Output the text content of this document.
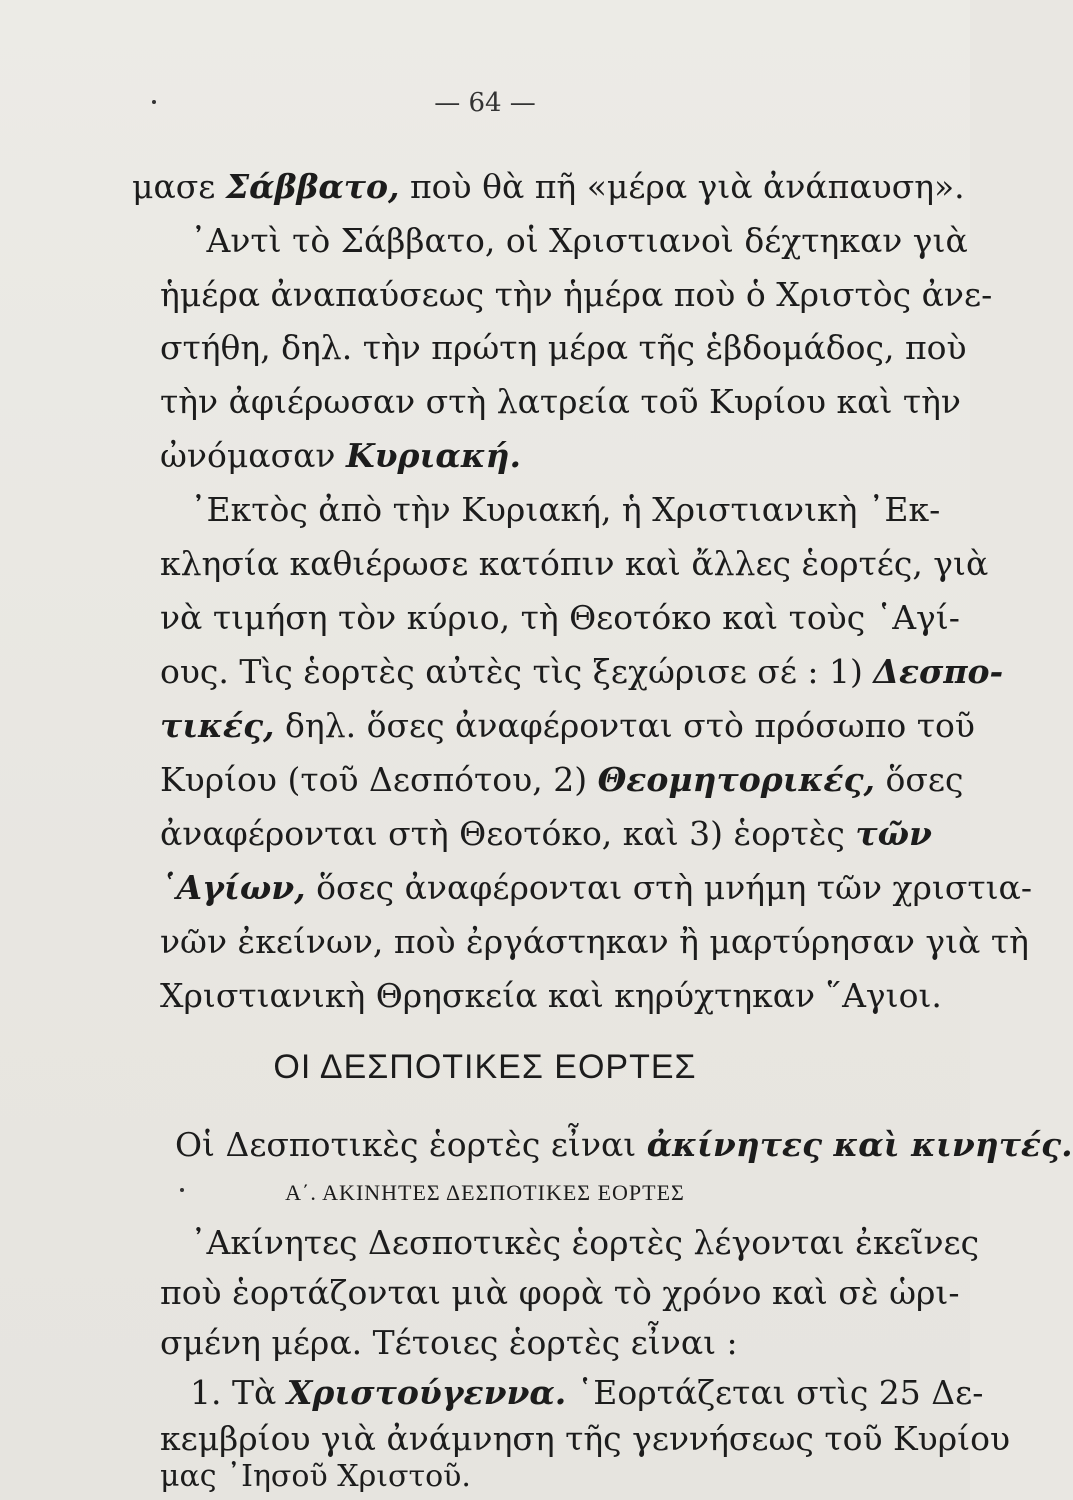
— 64 —
μασε Σάββατο, ποὺ θὰ πῆ «μέρα γιὰ ἀνάπαυση».
᾿Αντὶ τὸ Σάββατο, οἱ Χριστιανοὶ δέχτηκαν γιὰ
ἡμέρα ἀναπαύσεως τὴν ἡμέρα ποὺ ὁ Χριστὸς ἀνε-
στήθη, δηλ. τὴν πρώτη μέρα τῆς ἑβδομάδος, ποὺ
τὴν ἀφιέρωσαν στὴ λατρεία τοῦ Κυρίου καὶ τὴν
ὠνόμασαν Κυριακή.
᾿Εκτὸς ἀπὸ τὴν Κυριακή, ἡ Χριστιανικὴ ᾿Εκ-
κλησία καθιέρωσε κατόπιν καὶ ἄλλες ἑορτές, γιὰ
νὰ τιμήση τὸν κύριο, τὴ Θεοτόκο καὶ τοὺς ῾Αγί-
ους. Τὶς ἑορτὲς αὐτὲς τὶς ξεχώρισε σέ : 1) Δεσπο-
τικές, δηλ. ὅσες ἀναφέρονται στὸ πρόσωπο τοῦ
Κυρίου (τοῦ Δεσπότου, 2) Θεομητορικές, ὅσες
ἀναφέρονται στὴ Θεοτόκο, καὶ 3) ἑορτὲς τῶν
῾Αγίων, ὅσες ἀναφέρονται στὴ μνήμη τῶν χριστια-
νῶν ἐκείνων, ποὺ ἐργάστηκαν ἢ μαρτύρησαν γιὰ τὴ
Χριστιανικὴ Θρησκεία καὶ κηρύχτηκαν ῞Αγιοι.
ΟΙ ΔΕΣΠΟΤΙΚΕΣ ΕΟΡΤΕΣ
Οἱ Δεσποτικὲς ἑορτὲς εἶναι ἀκίνητες καὶ κινητές.
Α΄. ΑΚΙΝΗΤΕΣ ΔΕΣΠΟΤΙΚΕΣ ΕΟΡΤΕΣ
᾿Ακίνητες Δεσποτικὲς ἑορτὲς λέγονται ἐκεῖνες
ποὺ ἑορτάζονται μιὰ φορὰ τὸ χρόνο καὶ σὲ ὡρι-
σμένη μέρα. Τέτοιες ἑορτὲς εἶναι :
1. Τὰ Χριστούγεννα. ῾Εορτάζεται στὶς 25 Δε-
κεμβρίου γιὰ ἀνάμνηση τῆς γεννήσεως τοῦ Κυρίου
μας ᾿Ιησοῦ Χριστοῦ.
